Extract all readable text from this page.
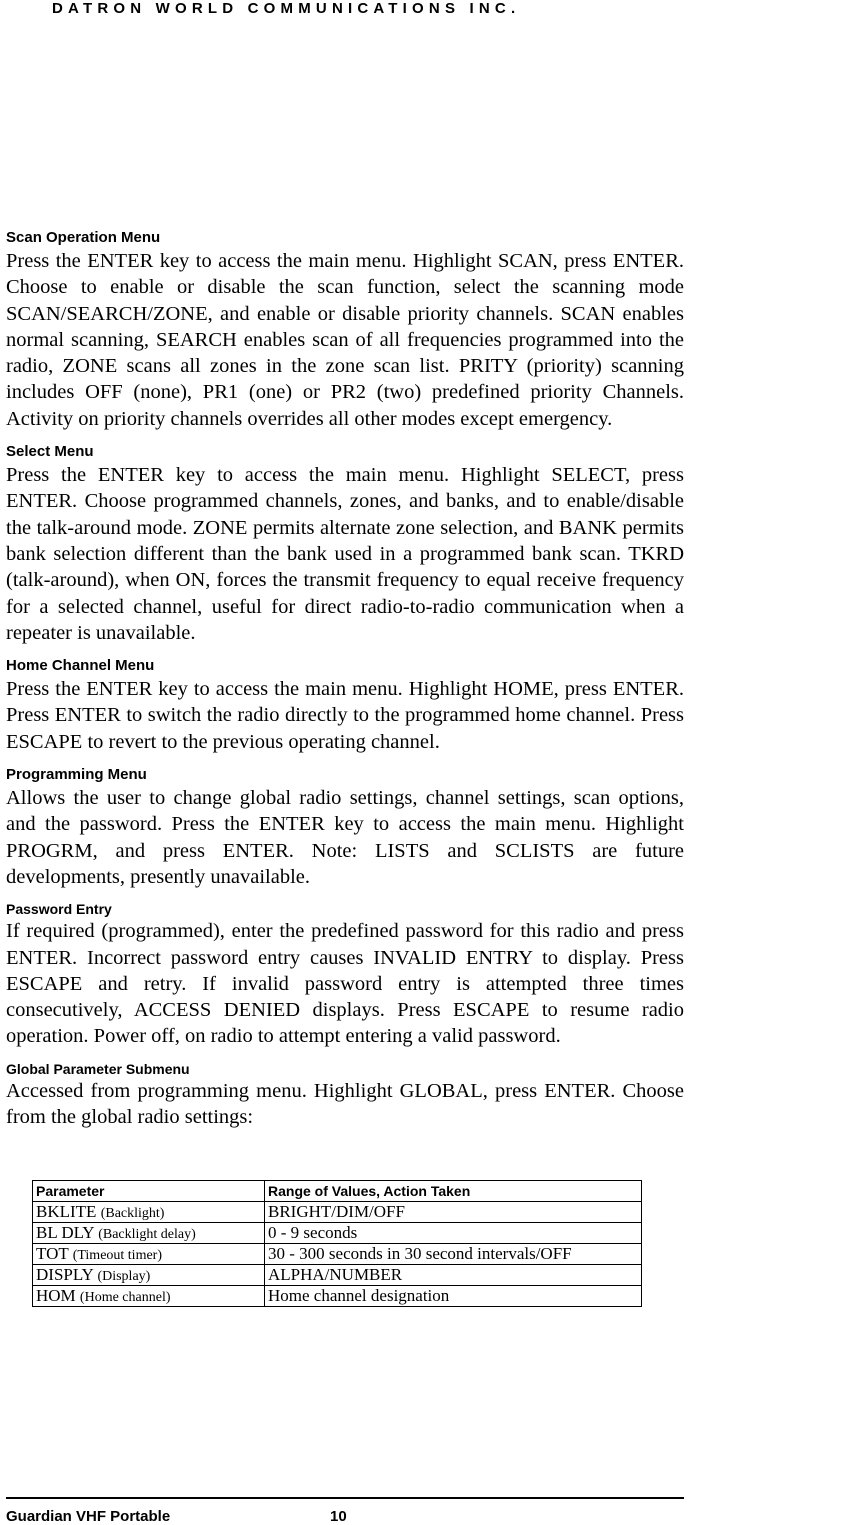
DATRON WORLD COMMUNICATIONS INC.
Scan Operation Menu

Press the ENTER key to access the main menu. Highlight SCAN, press ENTER. Choose to enable or disable the scan function, select the scanning mode SCAN/SEARCH/ZONE, and enable or disable priority channels. SCAN enables normal scanning, SEARCH enables scan of all frequencies programmed into the radio, ZONE scans all zones in the zone scan list. PRITY (priority) scanning includes OFF (none), PR1 (one) or PR2 (two) predefined priority Channels. Activity on priority channels overrides all other modes except emergency.

Select Menu

Press the ENTER key to access the main menu. Highlight SELECT, press ENTER. Choose programmed channels, zones, and banks, and to enable/disable the talk-around mode. ZONE permits alternate zone selection, and BANK permits bank selection different than the bank used in a programmed bank scan. TKRD (talk-around), when ON, forces the transmit frequency to equal receive frequency for a selected channel, useful for direct radio-to-radio communication when a repeater is unavailable.

Home Channel Menu

Press the ENTER key to access the main menu. Highlight HOME, press ENTER. Press ENTER to switch the radio directly to the programmed home channel. Press ESCAPE to revert to the previous operating channel.

Programming Menu

Allows the user to change global radio settings, channel settings, scan options, and the password. Press the ENTER key to access the main menu. Highlight PROGRM, and press ENTER. Note: LISTS and SCLISTS are future developments, presently unavailable.

Password Entry

If required (programmed), enter the predefined password for this radio and press ENTER. Incorrect password entry causes INVALID ENTRY to display. Press ESCAPE and retry. If invalid password entry is attempted three times consecutively, ACCESS DENIED displays. Press ESCAPE to resume radio operation. Power off, on radio to attempt entering a valid password.

Global Parameter Submenu

Accessed from programming menu. Highlight GLOBAL, press ENTER. Choose from the global radio settings:

Parameter	Range of Values, Action Taken
BKLITE (Backlight)	BRIGHT/DIM/OFF
BL DLY (Backlight delay)	0 - 9 seconds
TOT (Timeout timer)	30 - 300 seconds in 30 second intervals/OFF
DISPLY (Display)	ALPHA/NUMBER
HOM (Home channel)	Home channel designation
Guardian VHF Portable	10
